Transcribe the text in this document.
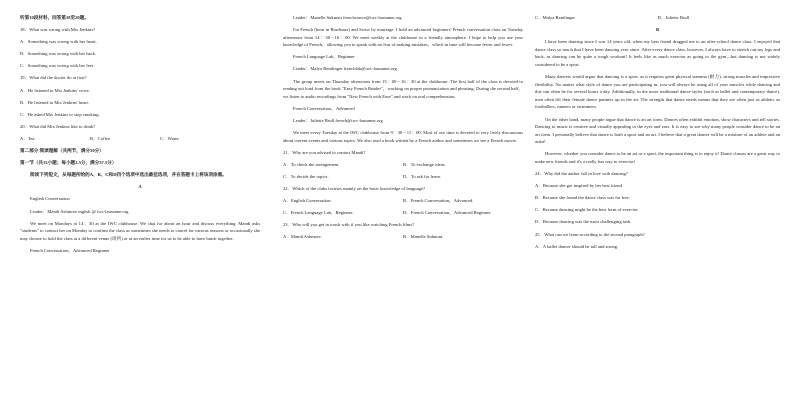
听第10段材料，回答第18至20题。
18．What was wrong with Mrs Jenkins?
A．Something was wrong with her heart.
B．Something was wrong with her back.
C．Something was wrong with her feet.
19．What did the doctor do at first?
A．He listened to Mrs Jenkins' voice.
B．He listened to Mrs Jenkins' heart.
C．He asked Mrs Jenkins to stop smoking.
20．What did Mrs Jenkins like to drink?
A．Tea.	B．Coffee.	C．Water.
第二部分 阅读理解（共两节，满分50分）
第一节（共15小题；每小题2.5分，满分37.5分）

阅读下列短文，从每题所给的A、B、C和D四个选项中选出最佳选项，并在答题卡上将该项涂黑。

A
English Conversation
Leader：Mandi Ashmore mghsh @ iwc-lausanne.org

We meet on Mondays at 14：30 at the IWC clubhouse. We chat for about an hour and discuss everything. Mandi asks "students" to contact her on Monday to confirm the class as sometimes she needs to cancel for various reasons or occasionally she may choose to hold the class at a different venue (场所) or at an earlier time for us to be able to have lunch together.

French Conversation，Advanced Beginner
Leader：Manelle Suknoni frenchconvo@iwc-lausanne.org

I'm French (born in Bordeaux) and Swiss by marriage. I hold an advanced beginners' French conversation class on Tuesday afternoons from 14：30－16：00. We meet weekly at the clubhouse in a friendly atmosphere. I hope to help you use your knowledge of French，allowing you to speak with no fear of making mistakes，which in time will become fewer and fewer.

French Language Lab，Beginner
Leader：Malya Remlinger frenchlab@iwc-lausanne.org

The group meets on Thursday afternoons from 15：00－16：30 at the clubhouse. The first half of the class is devoted to reading out loud from the book "Easy French Reader"，working on proper pronunciation and phrasing. During the second half，we listen to audio recordings from "New French with Ease" and work on oral comprehension.

French Conversation，Advanced
Leader：Juliette Brull french@iwc-lausanne.org

We meet every Tuesday at the IWC clubhouse from 9：30－11：00. Most of our time is devoted to very lively discussions about current events and various topics. We also read a book written by a French author and sometimes we see a French movie.

21．Why are you advised to contact Mandi?
A．To check the arrangement.	B．To exchange ideas.
C．To decide the topics.	D．To ask for leave.
22．Which of the clubs focuses mainly on the basic knowledge of language?
A．English Conversation.	B．French Conversation，Advanced.
C．French Language Lab，Beginner.	D．French Conversation，Advanced Beginner.
23．Who will you get in touch with if you like watching French films?
A．Mandi Ashmore.	B．Manelle Suknoni.
C．Malya Remlinger.	D．Juliette Brull.
B

I have been dancing since I was 14 years old, when my best friend dragged me to an after-school dance class. I enjoyed that dance class so much that I have been dancing ever since. After every dance class, however, I always have to stretch out my legs and back, as dancing can be quite a tough workout! It feels like as much exercise as going to the gym—but dancing is not widely considered to be a sport.

Many dancers would argue that dancing is a sport, as it requires great physical stamina (耐力), strong muscles and impressive flexibility. No matter what style of dance you are participating in, you will always be using all of your muscles while dancing and this can often be for several hours a day. Additionally, in the more traditional dance styles (such as ballet and contemporary dance), men often lift their female dance partners up in the air. The strength that dance needs means that they are often just as athletic as footballers, runners or swimmers.

On the other hand, many people argue that dance is an art form. Dances often exhibit emotion, show characters and tell stories. Dancing to music is creative and visually appealing to the eyes and ears. It is easy to see why many people consider dance to be an art form. I personally believe that dance is both a sport and an art. I believe that a great dancer will be a mixture of an athlete and an artist!

However, whether you consider dance to be an art or a sport, the important thing is to enjoy it! Dance classes are a great way to make new friends and it's a really fun way to exercise!

24．Why did the author fall in love with dancing?
A．Because she got inspired by her best friend.
B．Because she found the dance class was far free.
C．Because dancing might be the best form of exercise.
D．Because dancing was the most challenging task.
25．What can we learn according to the second paragraph?
A．A ballet dancer should be tall and strong.
